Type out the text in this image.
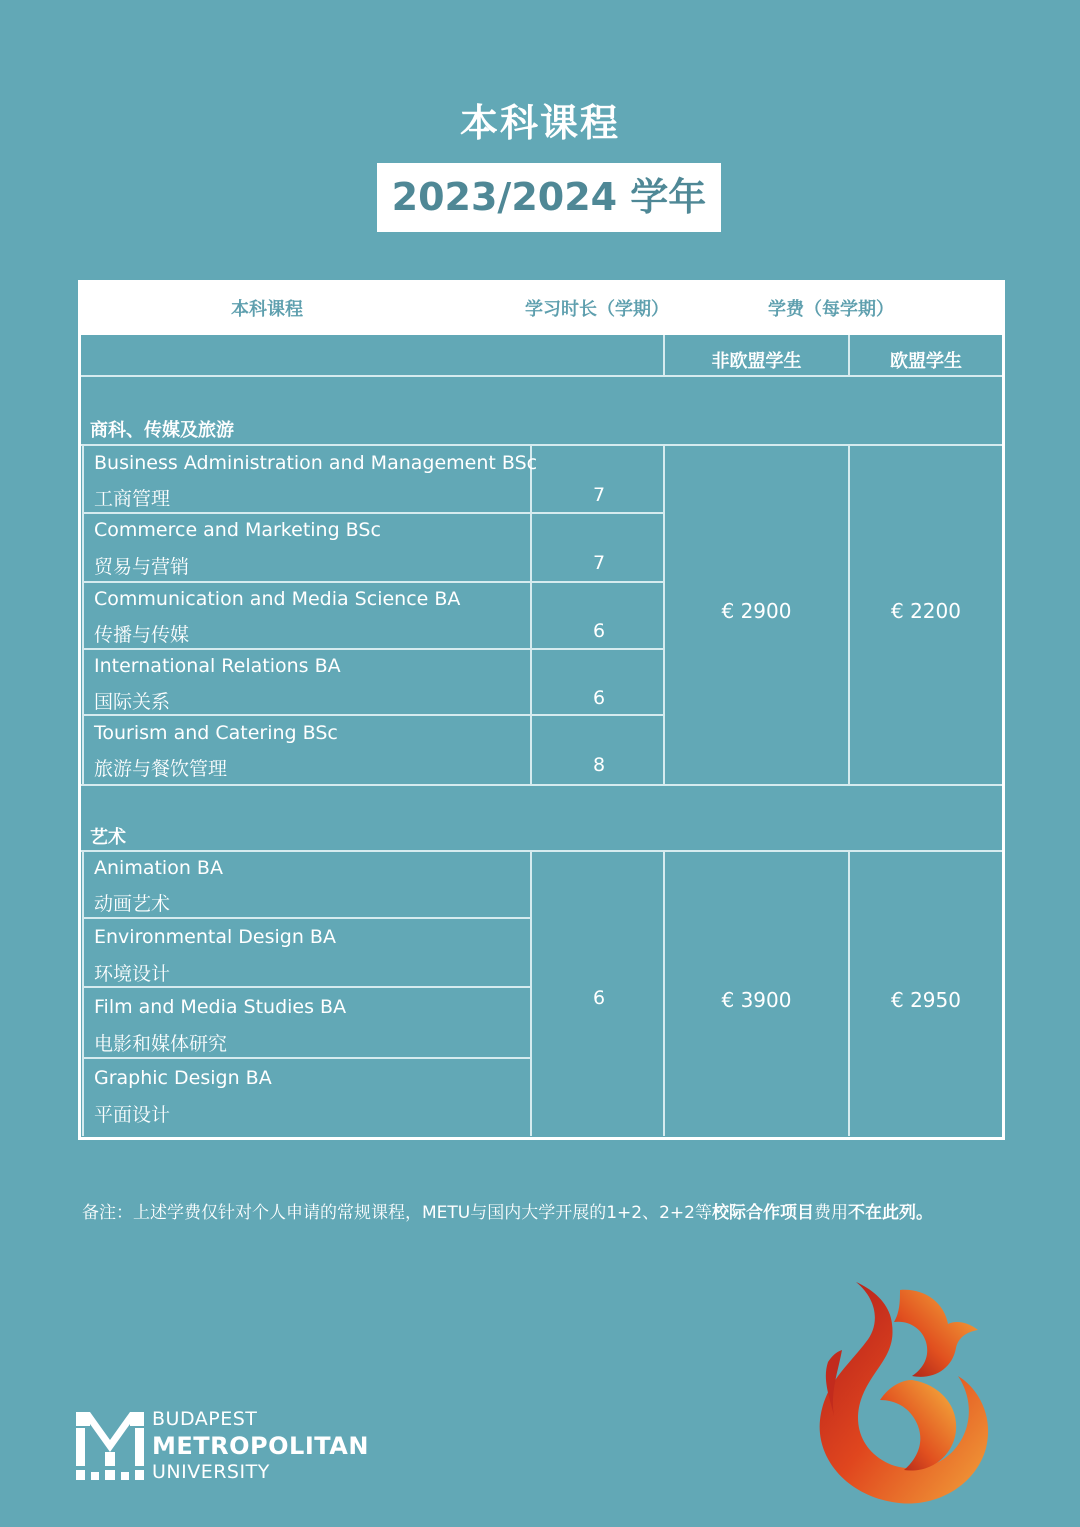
本科课程
2023/2024 学年
本科课程	学习时长（学期）	学费（每学期）
非欧盟学生	欧盟学生
商科、传媒及旅游
Business Administration and Management BSc
工商管理	7
Commerce and Marketing BSc
贸易与营销	7
Communication and Media Science BA
传播与传媒	6
International Relations BA
国际关系	6
Tourism and Catering BSc
旅游与餐饮管理	8
€ 2900	€ 2200
艺术
Animation BA
动画艺术
Environmental Design BA
环境设计
Film and Media Studies BA
电影和媒体研究
Graphic Design BA
平面设计
6	€ 3900	€ 2950
备注：上述学费仅针对个人申请的常规课程，METU与国内大学开展的1+2、2+2等校际合作项目费用不在此列。
BUDAPEST
METROPOLITAN
UNIVERSITY
